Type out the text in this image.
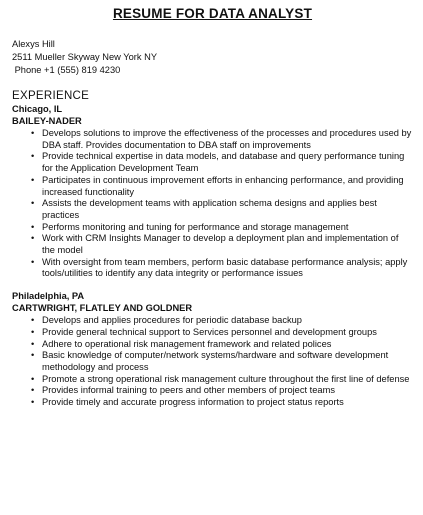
RESUME FOR DATA ANALYST
Alexys Hill
2511 Mueller Skyway New York NY
Phone +1 (555) 819 4230
EXPERIENCE
Chicago, IL
BAILEY-NADER
• Develops solutions to improve the effectiveness of the processes and procedures used by DBA staff. Provides documentation to DBA staff on improvements
• Provide technical expertise in data models, and database and query performance tuning for the Application Development Team
• Participates in continuous improvement efforts in enhancing performance, and providing increased functionality
• Assists the development teams with application schema designs and applies best practices
• Performs monitoring and tuning for performance and storage management
• Work with CRM Insights Manager to develop a deployment plan and implementation of the model
• With oversight from team members, perform basic database performance analysis; apply tools/utilities to identify any data integrity or performance issues
Philadelphia, PA
CARTWRIGHT, FLATLEY AND GOLDNER
• Develops and applies procedures for periodic database backup
• Provide general technical support to Services personnel and development groups
• Adhere to operational risk management framework and related polices
• Basic knowledge of computer/network systems/hardware and software development methodology and process
• Promote a strong operational risk management culture throughout the first line of defense
• Provides informal training to peers and other members of project teams
• Provide timely and accurate progress information to project status reports
